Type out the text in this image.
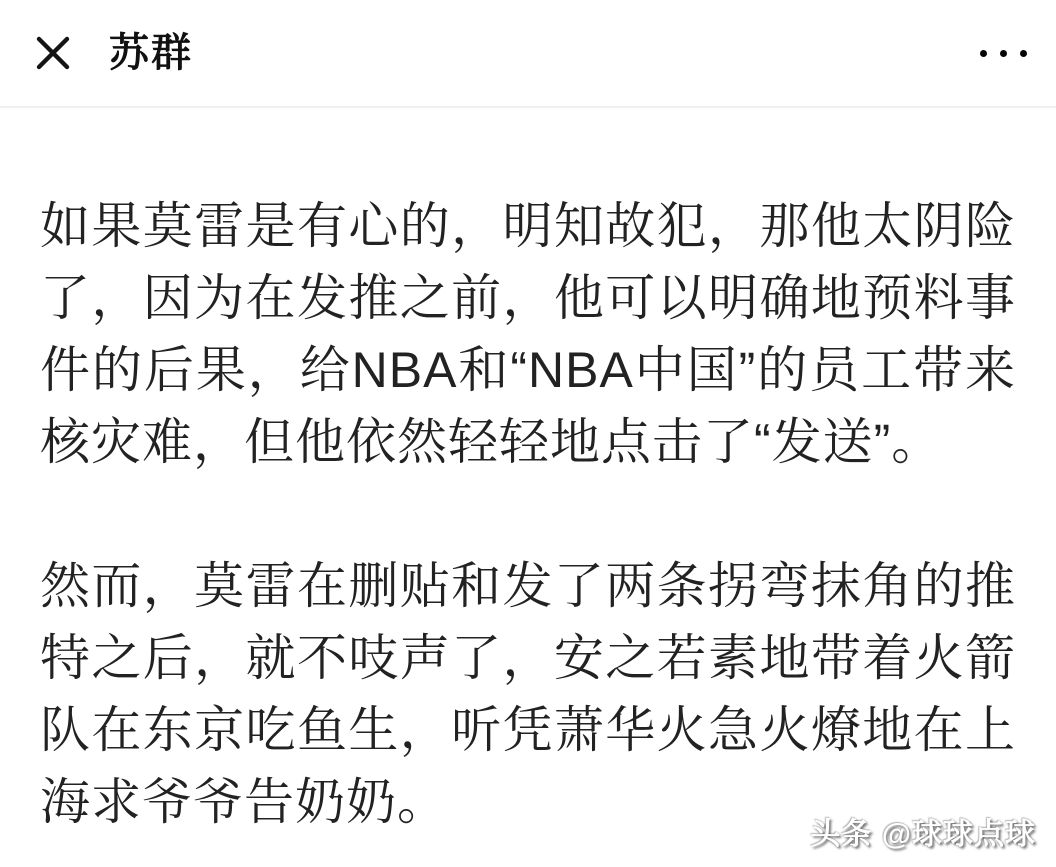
苏群

如果莫雷是有心的，明知故犯，那他太阴险了，因为在发推之前，他可以明确地预料事件的后果，给NBA和“NBA中国”的员工带来核灾难，但他依然轻轻地点击了“发送”。

然而，莫雷在删贴和发了两条拐弯抹角的推特之后，就不吱声了，安之若素地带着火箭队在东京吃鱼生，听凭萧华火急火燎地在上海求爷爷告奶奶。

头条 @球球点球
